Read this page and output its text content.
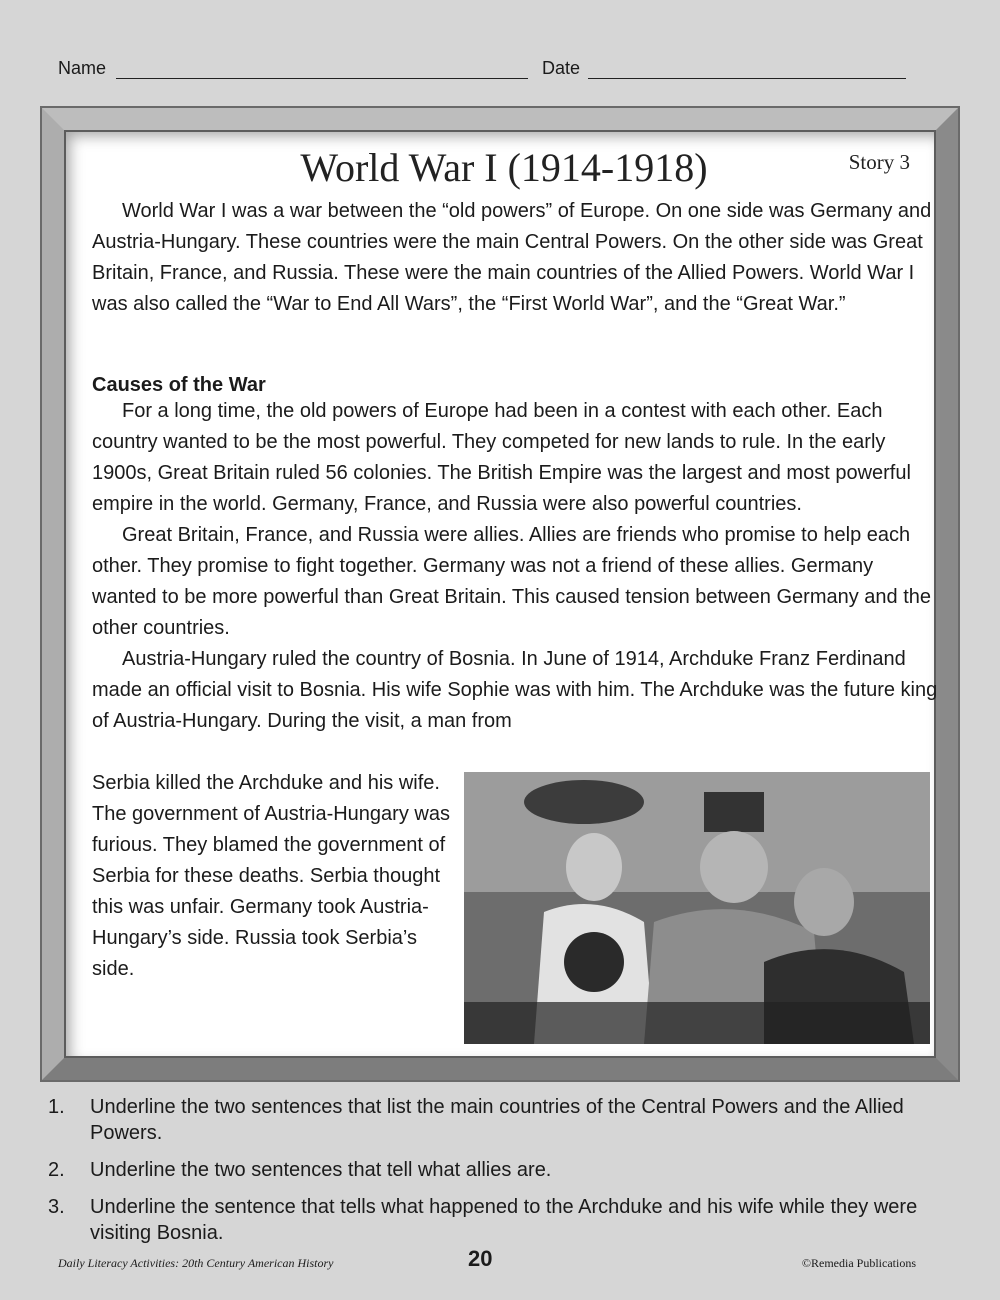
Name	Date
World War I (1914-1918)	Story 3

World War I was a war between the “old powers” of Europe. On one side was Germany and Austria-Hungary. These countries were the main Central Powers. On the other side was Great Britain, France, and Russia. These were the main countries of the Allied Powers. World War I was also called the “War to End All Wars”, the “First World War”, and the “Great War.”

Causes of the War

For a long time, the old powers of Europe had been in a contest with each other. Each country wanted to be the most powerful. They competed for new lands to rule. In the early 1900s, Great Britain ruled 56 colonies. The British Empire was the largest and most powerful empire in the world. Germany, France, and Russia were also powerful countries.

Great Britain, France, and Russia were allies. Allies are friends who promise to help each other. They promise to fight together. Germany was not a friend of these allies. Germany wanted to be more powerful than Great Britain. This caused tension between Germany and the other countries.

Austria-Hungary ruled the country of Bosnia. In June of 1914, Archduke Franz Ferdinand made an official visit to Bosnia. His wife Sophie was with him. The Archduke was the future king of Austria-Hungary. During the visit, a man from

Serbia killed the Archduke and his wife. The government of Austria-Hungary was furious. They blamed the government of Serbia for these deaths. Serbia thought this was unfair. Germany took Austria-Hungary’s side. Russia took Serbia’s side.
1. Underline the two sentences that list the main countries of the Central Powers and the Allied Powers.
2. Underline the two sentences that tell what allies are.
3. Underline the sentence that tells what happened to the Archduke and his wife while they were visiting Bosnia.
Daily Literacy Activities: 20th Century American History	20	©Remedia Publications
